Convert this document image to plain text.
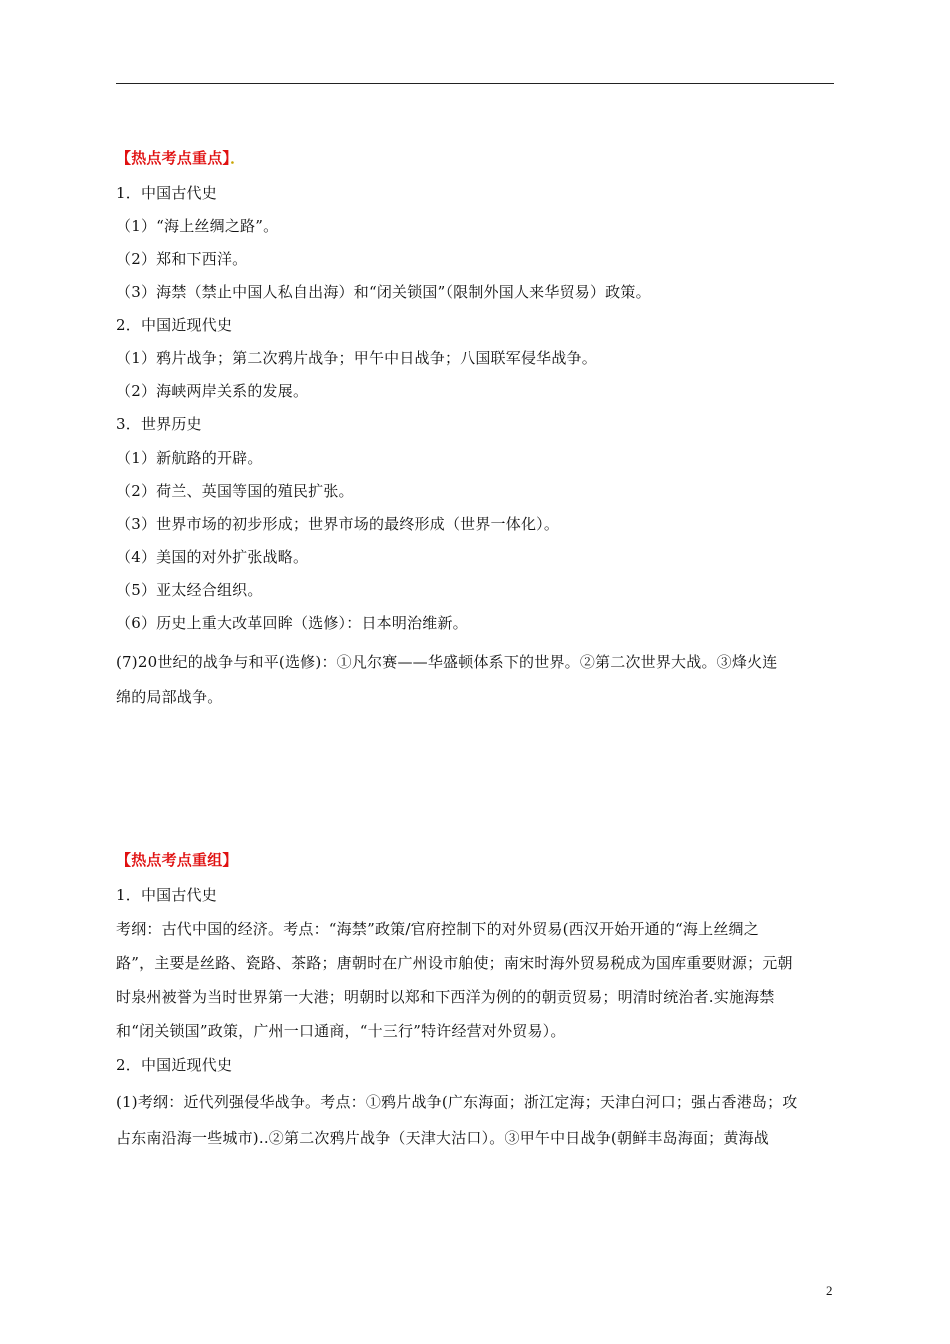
【热点考点重点】．
1．中国古代史
（1）“海上丝绸之路”。
（2）郑和下西洋。
（3）海禁（禁止中国人私自出海）和“闭关锁国”（限制外国人来华贸易）政策。
2．中国近现代史
（1）鸦片战争；第二次鸦片战争；甲午中日战争；八国联军侵华战争。
（2）海峡两岸关系的发展。
3．世界历史
（1）新航路的开辟。
（2）荷兰、英国等国的殖民扩张。
（3）世界市场的初步形成；世界市场的最终形成（世界一体化）。
（4）美国的对外扩张战略。
（5）亚太经合组织。
（6）历史上重大改革回眸（选修）：日本明治维新。
(7)20世纪的战争与和平(选修)：①凡尔赛——华盛顿体系下的世界。②第二次世界大战。③烽火连
绵的局部战争。
【热点考点重组】
1．中国古代史
考纲：古代中国的经济。考点：“海禁”政策/官府控制下的对外贸易(西汉开始开通的“海上丝绸之
路”，主要是丝路、瓷路、茶路；唐朝时在广州设市舶使；南宋时海外贸易税成为国库重要财源；元朝
时泉州被誉为当时世界第一大港；明朝时以郑和下西洋为例的的朝贡贸易；明清时统治者.实施海禁
和“闭关锁国”政策，广州一口通商，“十三行”特许经营对外贸易）。
2．中国近现代史
(1)考纲：近代列强侵华战争。考点：①鸦片战争(广东海面；浙江定海；天津白河口；强占香港岛；攻
占东南沿海一些城市)..②第二次鸦片战争（天津大沽口）。③甲午中日战争(朝鲜丰岛海面；黄海战
2
